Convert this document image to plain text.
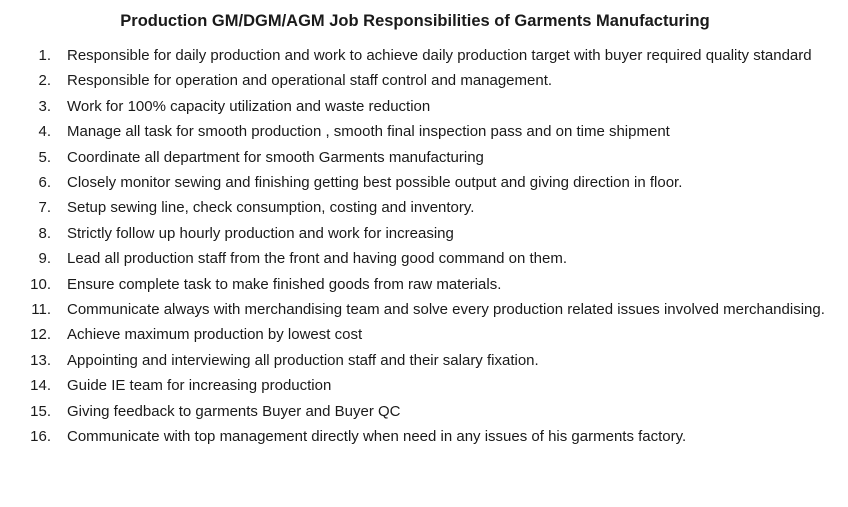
Production GM/DGM/AGM Job Responsibilities of Garments Manufacturing
1. Responsible for daily production and work to achieve daily production target with buyer required quality standard
2. Responsible for operation and operational staff control and management.
3. Work for 100% capacity utilization and waste reduction
4. Manage all task for smooth production , smooth final inspection pass and on time shipment
5. Coordinate all department for smooth Garments manufacturing
6. Closely monitor sewing and finishing getting best possible output and giving direction in floor.
7. Setup sewing line, check consumption, costing and inventory.
8. Strictly follow up hourly production and work for increasing
9. Lead all production staff from the front and having good command on them.
10. Ensure complete task to make finished goods from raw materials.
11. Communicate always with merchandising team and solve every production related issues involved merchandising.
12. Achieve maximum production by lowest cost
13. Appointing and interviewing all production staff and their salary fixation.
14. Guide IE team for increasing production
15. Giving feedback to garments Buyer and Buyer QC
16. Communicate with top management directly when need in any issues of his garments factory.
